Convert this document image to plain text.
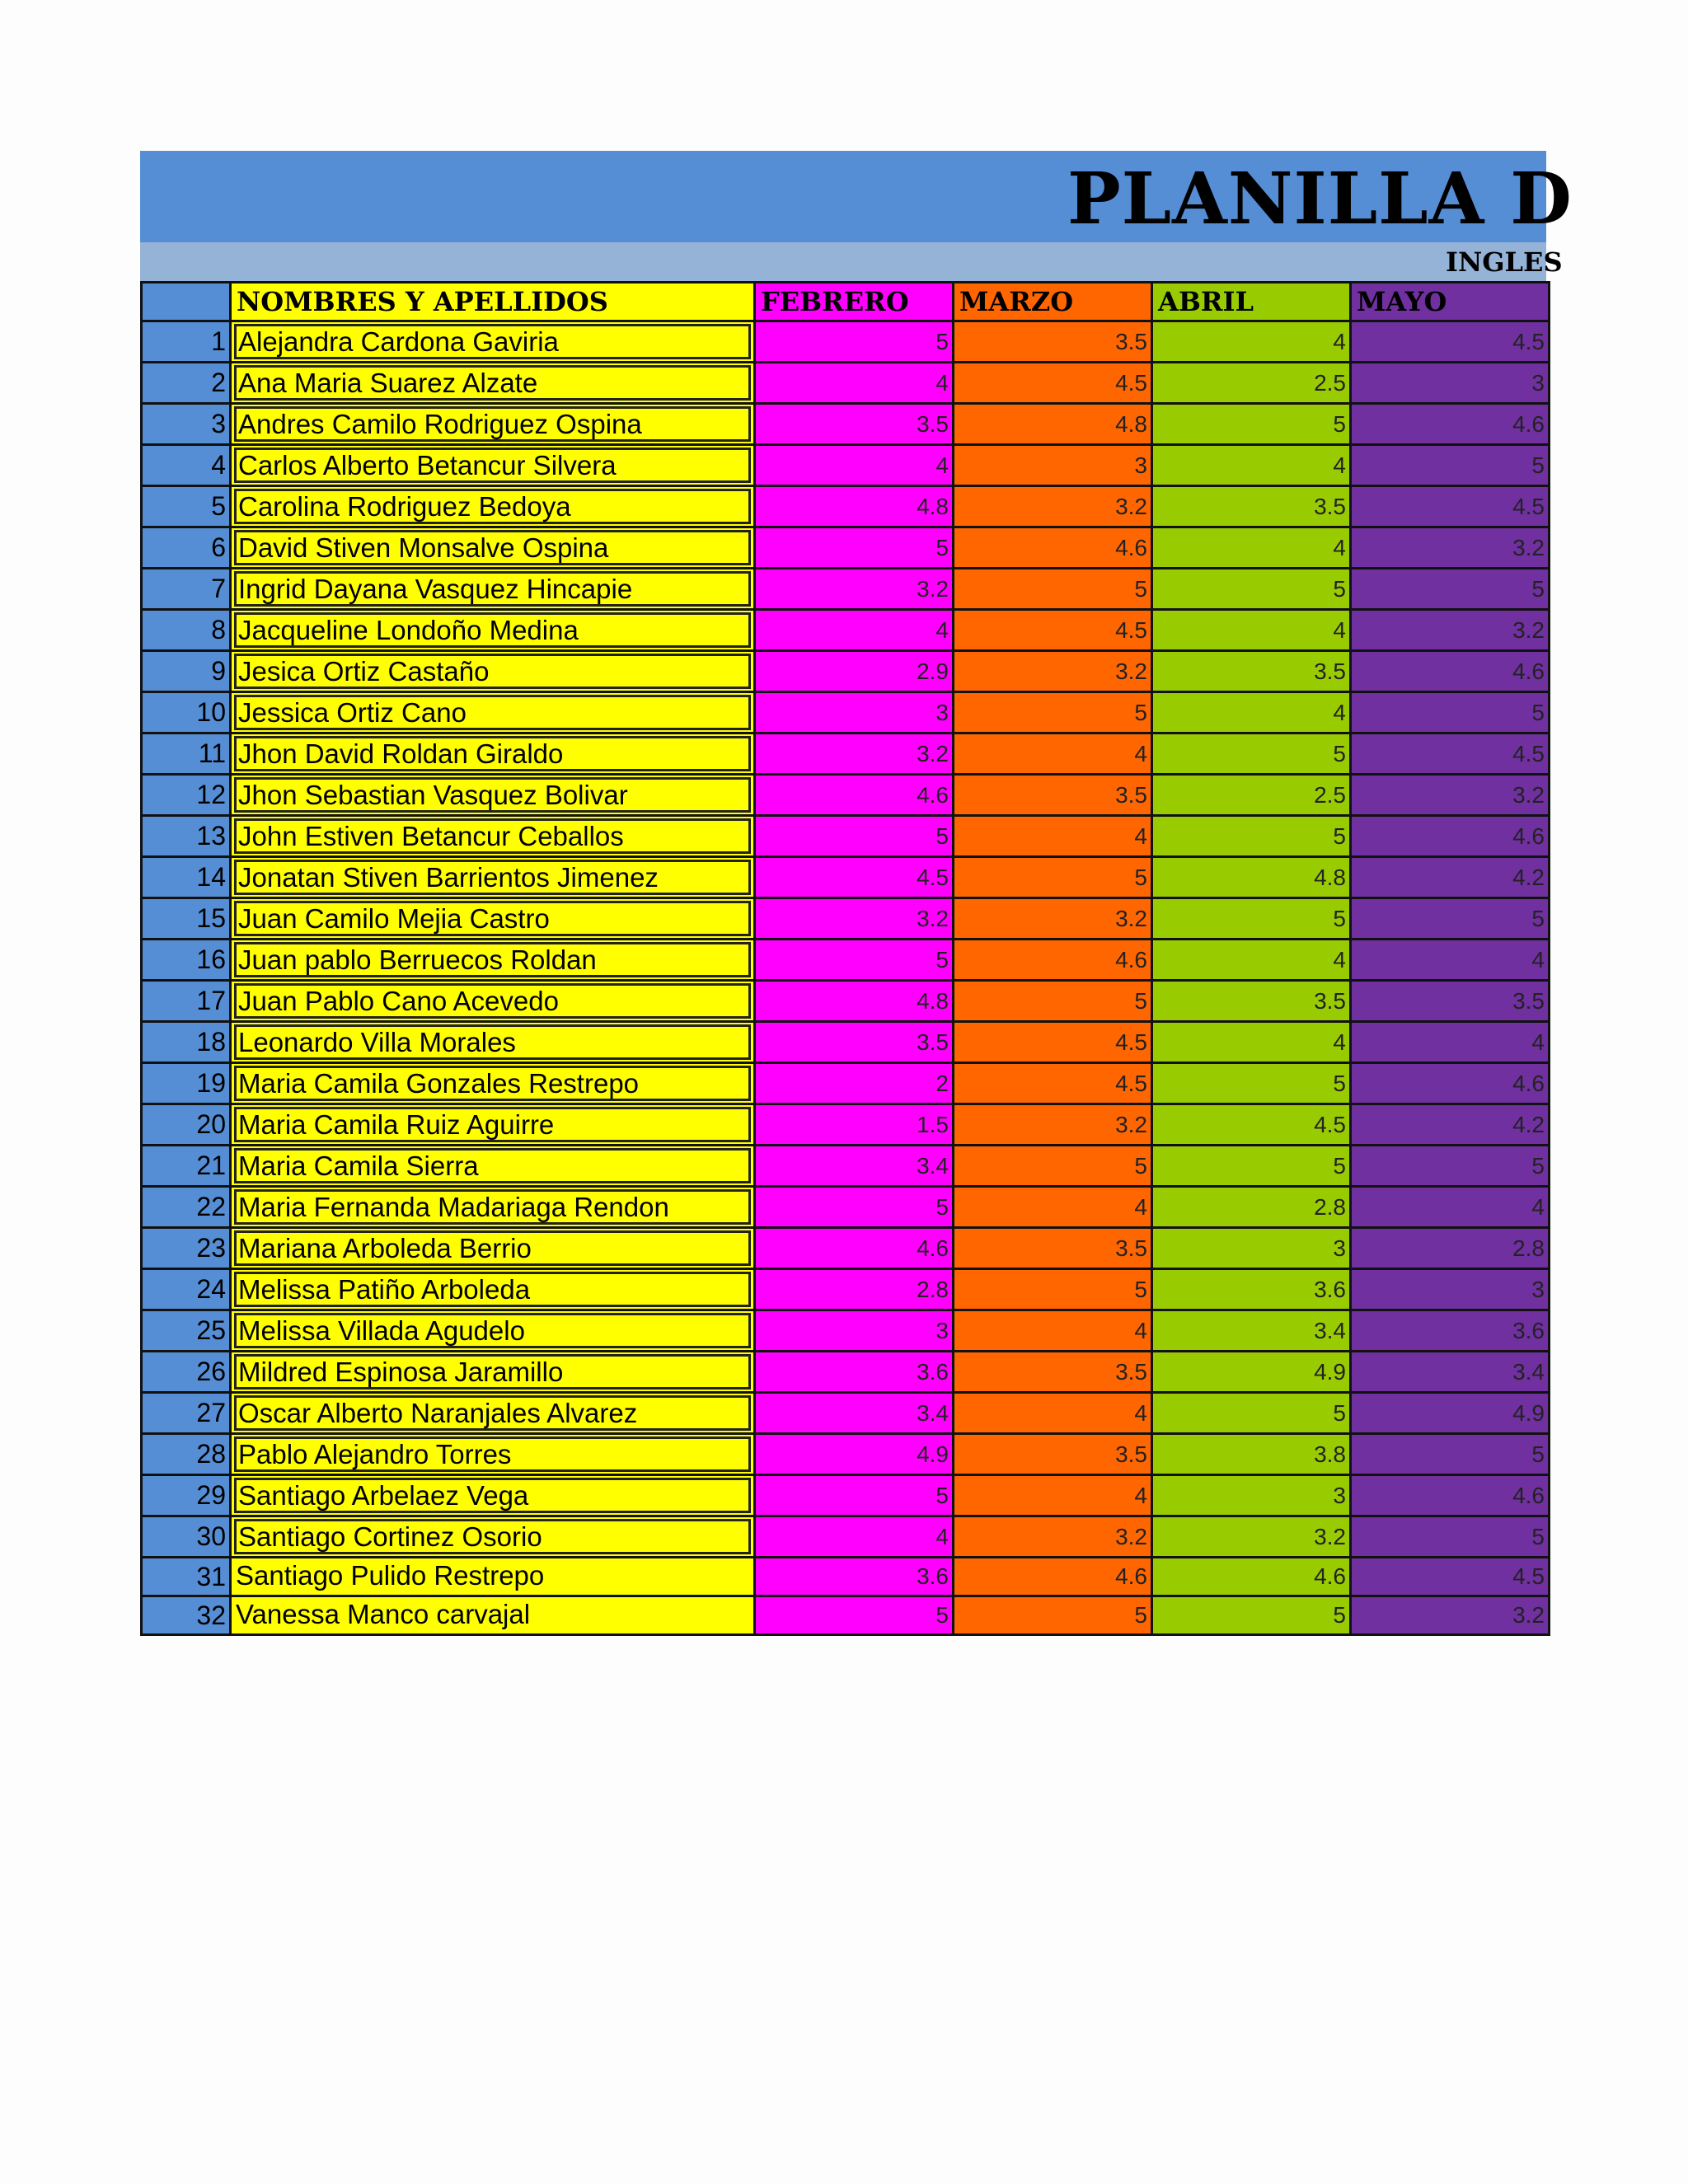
PLANILLA D
INGLES
	NOMBRES Y APELLIDOS	FEBRERO	MARZO	ABRIL	MAYO
1	Alejandra Cardona Gaviria	5	3.5	4	4.5
2	Ana Maria Suarez Alzate	4	4.5	2.5	3
3	Andres Camilo Rodriguez Ospina	3.5	4.8	5	4.6
4	Carlos Alberto Betancur Silvera	4	3	4	5
5	Carolina Rodriguez Bedoya	4.8	3.2	3.5	4.5
6	David Stiven Monsalve Ospina	5	4.6	4	3.2
7	Ingrid Dayana Vasquez Hincapie	3.2	5	5	5
8	Jacqueline Londoño Medina	4	4.5	4	3.2
9	Jesica Ortiz Castaño	2.9	3.2	3.5	4.6
10	Jessica Ortiz Cano	3	5	4	5
11	Jhon David Roldan Giraldo	3.2	4	5	4.5
12	Jhon Sebastian Vasquez Bolivar	4.6	3.5	2.5	3.2
13	John Estiven Betancur Ceballos	5	4	5	4.6
14	Jonatan Stiven Barrientos Jimenez	4.5	5	4.8	4.2
15	Juan Camilo Mejia Castro	3.2	3.2	5	5
16	Juan pablo Berruecos Roldan	5	4.6	4	4
17	Juan Pablo Cano Acevedo	4.8	5	3.5	3.5
18	Leonardo Villa Morales	3.5	4.5	4	4
19	Maria Camila Gonzales Restrepo	2	4.5	5	4.6
20	Maria Camila Ruiz Aguirre	1.5	3.2	4.5	4.2
21	Maria Camila Sierra	3.4	5	5	5
22	Maria Fernanda Madariaga Rendon	5	4	2.8	4
23	Mariana Arboleda Berrio	4.6	3.5	3	2.8
24	Melissa Patiño Arboleda	2.8	5	3.6	3
25	Melissa Villada Agudelo	3	4	3.4	3.6
26	Mildred Espinosa Jaramillo	3.6	3.5	4.9	3.4
27	Oscar Alberto Naranjales Alvarez	3.4	4	5	4.9
28	Pablo Alejandro Torres	4.9	3.5	3.8	5
29	Santiago Arbelaez Vega	5	4	3	4.6
30	Santiago Cortinez Osorio	4	3.2	3.2	5
31	Santiago Pulido Restrepo	3.6	4.6	4.6	4.5
32	Vanessa Manco carvajal	5	5	5	3.2
